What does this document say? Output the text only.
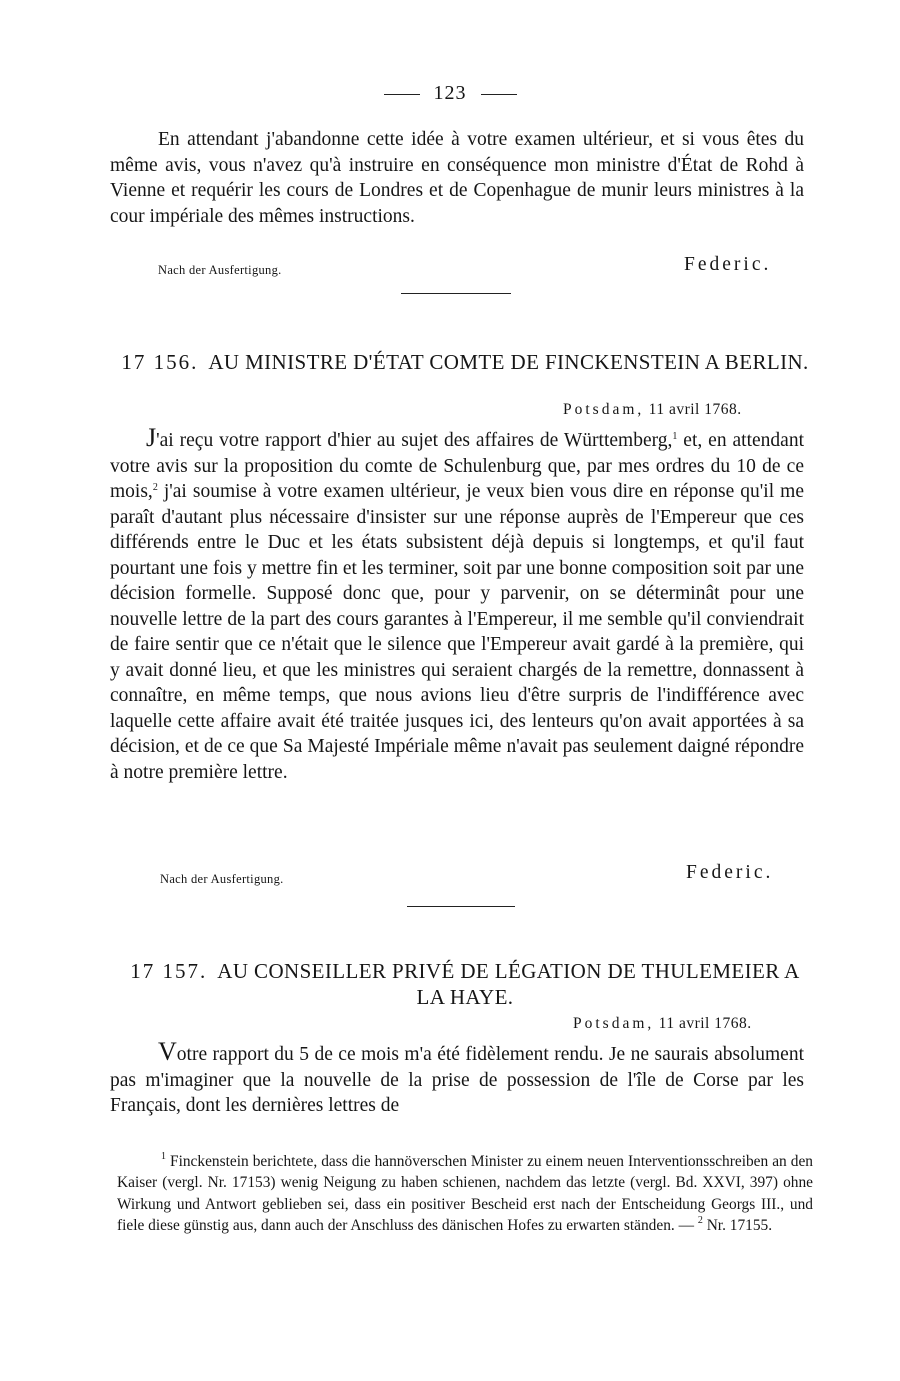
123
En attendant j'abandonne cette idée à votre examen ultérieur, et si vous êtes du même avis, vous n'avez qu'à instruire en conséquence mon ministre d'État de Rohd à Vienne et requérir les cours de Londres et de Copenhague de munir leurs ministres à la cour impériale des mêmes instructions.
Nach der Ausfertigung.	Federic.
17 156. AU MINISTRE D'ÉTAT COMTE DE FINCKENSTEIN A BERLIN.
Potsdam, 11 avril 1768.
J'ai reçu votre rapport d'hier au sujet des affaires de Württemberg,$^1$ et, en attendant votre avis sur la proposition du comte de Schulenburg que, par mes ordres du 10 de ce mois,$^2$ j'ai soumise à votre examen ultérieur, je veux bien vous dire en réponse qu'il me paraît d'autant plus nécessaire d'insister sur une réponse auprès de l'Empereur que ces différends entre le Duc et les états subsistent déjà depuis si longtemps, et qu'il faut pourtant une fois y mettre fin et les terminer, soit par une bonne composition soit par une décision formelle. Supposé donc que, pour y parvenir, on se déterminât pour une nouvelle lettre de la part des cours garantes à l'Empereur, il me semble qu'il conviendrait de faire sentir que ce n'était que le silence que l'Empereur avait gardé à la première, qui y avait donné lieu, et que les ministres qui seraient chargés de la remettre, donnassent à connaître, en même temps, que nous avions lieu d'être surpris de l'indifférence avec laquelle cette affaire avait été traitée jusques ici, des lenteurs qu'on avait apportées à sa décision, et de ce que Sa Majesté Impériale même n'avait pas seulement daigné répondre à notre première lettre.
Nach der Ausfertigung.	Federic.
17 157. AU CONSEILLER PRIVÉ DE LÉGATION DE THULEMEIER A LA HAYE.
Potsdam, 11 avril 1768.
Votre rapport du 5 de ce mois m'a été fidèlement rendu. Je ne saurais absolument pas m'imaginer que la nouvelle de la prise de possession de l'île de Corse par les Français, dont les dernières lettres de
$^1$ Finckenstein berichtete, dass die hannöverschen Minister zu einem neuen Interventionsschreiben an den Kaiser (vergl. Nr. 17153) wenig Neigung zu haben schienen, nachdem das letzte (vergl. Bd. XXVI, 397) ohne Wirkung und Antwort geblieben sei, dass ein positiver Bescheid erst nach der Entscheidung Georgs III., und fiele diese günstig aus, dann auch der Anschluss des dänischen Hofes zu erwarten ständen. — $^2$ Nr. 17155.
